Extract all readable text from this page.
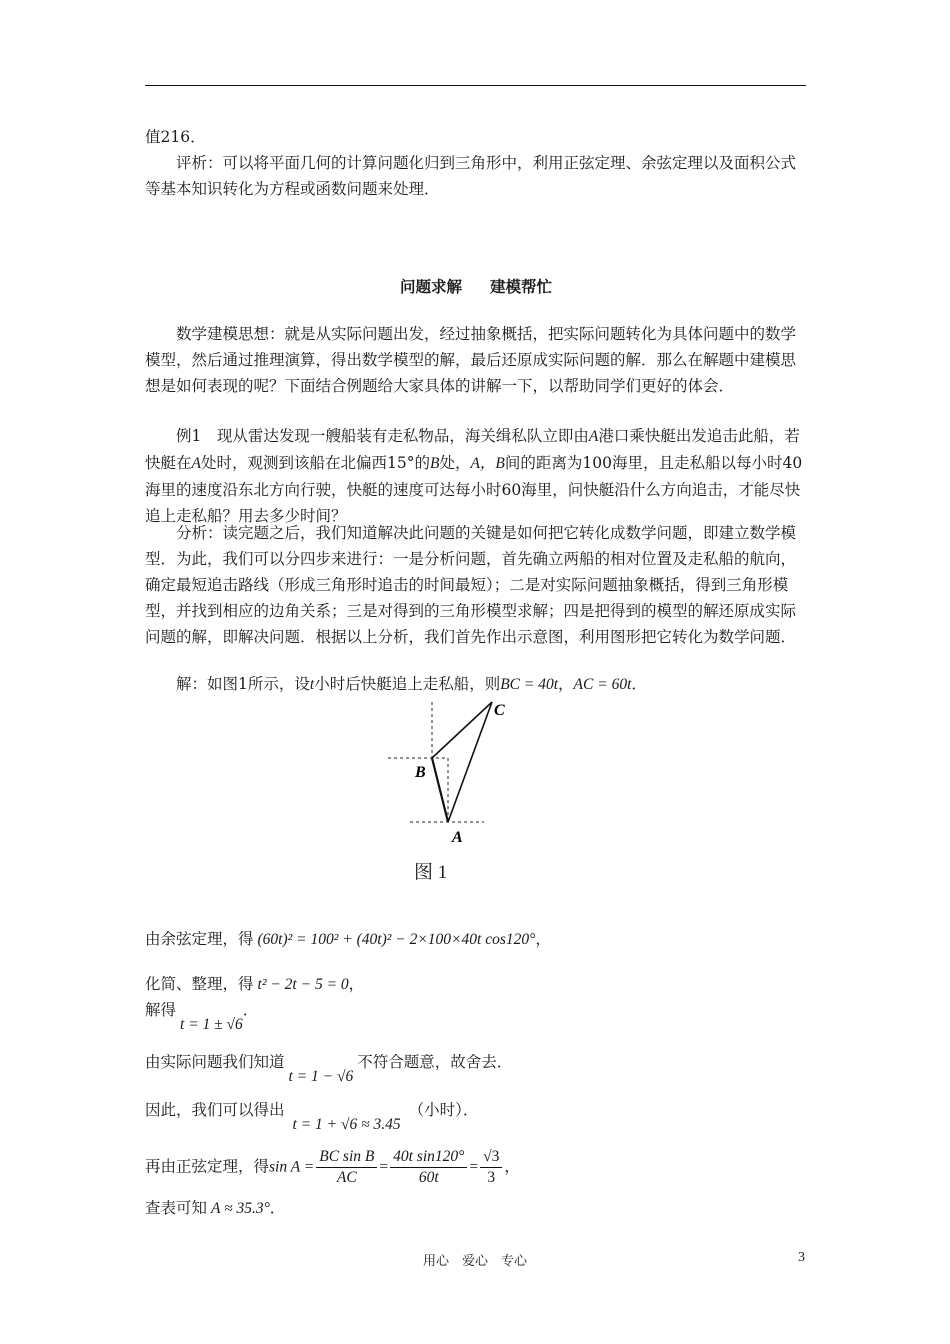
值216．

评析：可以将平面几何的计算问题化归到三角形中，利用正弦定理、余弦定理以及面积公式等基本知识转化为方程或函数问题来处理．

问题求解 建模帮忙

数学建模思想：就是从实际问题出发，经过抽象概括，把实际问题转化为具体问题中的数学模型，然后通过推理演算，得出数学模型的解，最后还原成实际问题的解．那么在解题中建模思想是如何表现的呢？下面结合例题给大家具体的讲解一下，以帮助同学们更好的体会．

例1　现从雷达发现一艘船装有走私物品，海关缉私队立即由A港口乘快艇出发追击此船，若快艇在A处时，观测到该船在北偏西15°的B处，A，B间的距离为100海里，且走私船以每小时40海里的速度沿东北方向行驶，快艇的速度可达每小时60海里，问快艇沿什么方向追击，才能尽快追上走私船？用去多少时间？

分析：读完题之后，我们知道解决此问题的关键是如何把它转化成数学问题，即建立数学模型．为此，我们可以分四步来进行：一是分析问题，首先确立两船的相对位置及走私船的航向，确定最短追击路线（形成三角形时追击的时间最短）；二是对实际问题抽象概括，得到三角形模型，并找到相应的边角关系；三是对得到的三角形模型求解；四是把得到的模型的解还原成实际问题的解，即解决问题．根据以上分析，我们首先作出示意图，利用图形把它转化为数学问题．

解：如图1所示，设t小时后快艇追上走私船，则BC = 40t，AC = 60t．

C
B
A
图 1
由余弦定理，得 (60t)² = 100² + (40t)² − 2×100×40t cos120°，
化简、整理，得 t² − 2t − 5 = 0，
解得t = 1 ± √6．
由实际问题我们知道t = 1 − √6不符合题意，故舍去．
因此，我们可以得出t = 1 + √6 ≈ 3.45（小时）．
再由正弦定理，得$\sin A = \frac{\text{BC sin B}}{AC} = \frac{\text{40t sin120°}}{60t} = \frac{√3}{3}$ ，
查表可知 A ≈ 35.3°．
用心　爱心　专心	3
